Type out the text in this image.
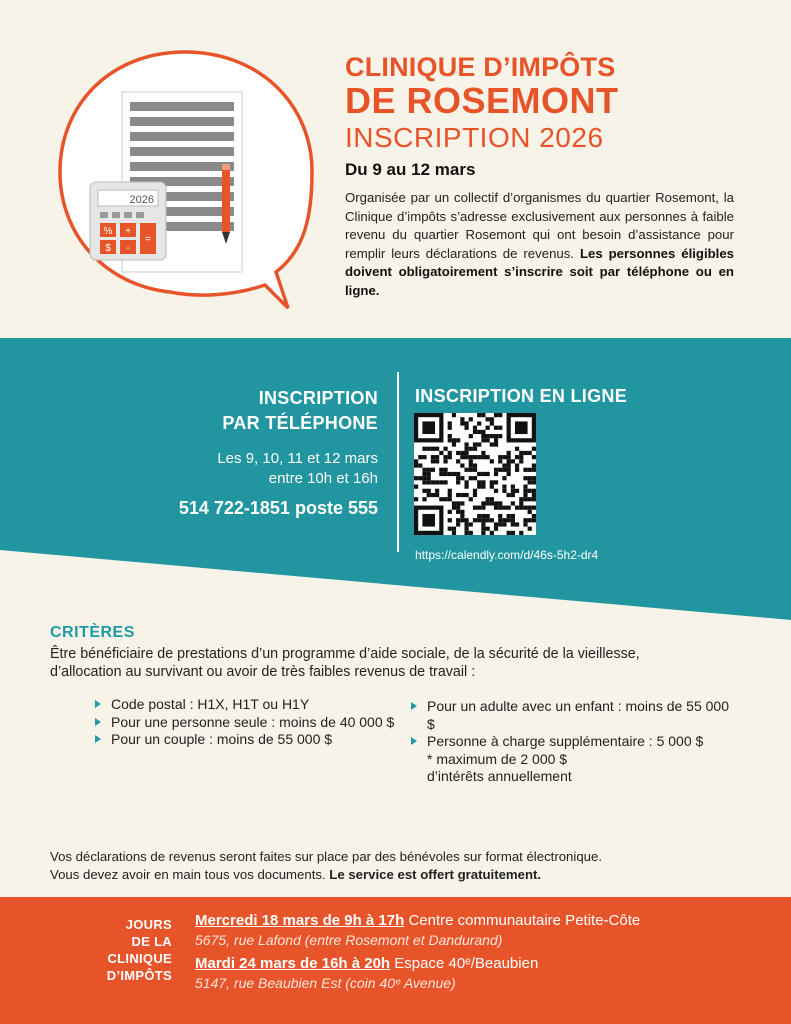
2026
% +
$ -
=
CLINIQUE D’IMPÔTS
DE ROSEMONT
INSCRIPTION 2026
Du 9 au 12 mars
Organisée par un collectif d’organismes du quartier Rosemont, la Clinique d’impôts s’adresse exclusivement aux personnes à faible revenu du quartier Rosemont qui ont besoin d’assistance pour remplir leurs déclarations de revenus. Les personnes éligibles doivent obligatoirement s’inscrire soit par téléphone ou en ligne.
INSCRIPTION
PAR TÉLÉPHONE
Les 9, 10, 11 et 12 mars
entre 10h et 16h
514 722-1851 poste 555
INSCRIPTION EN LIGNE
https://calendly.com/d/46s-5h2-dr4
CRITÈRES
Être bénéficiaire de prestations d’un programme d’aide sociale, de la sécurité de la vieillesse, d’allocation au survivant ou avoir de très faibles revenus de travail :
Code postal : H1X, H1T ou H1Y
Pour une personne seule : moins de 40 000 $
Pour un couple : moins de 55 000 $
Pour un adulte avec un enfant : moins de 55 000 $
Personne à charge supplémentaire : 5 000 $
* maximum de 2 000 $
d’intérêts annuellement
Vos déclarations de revenus seront faites sur place par des bénévoles sur format électronique.
Vous devez avoir en main tous vos documents. Le service est offert gratuitement.
JOURS
DE LA
CLINIQUE
D’IMPÔTS
Mercredi 18 mars de 9h à 17h Centre communautaire Petite-Côte
5675, rue Lafond (entre Rosemont et Dandurand)
Mardi 24 mars de 16h à 20h Espace 40ᵉ/Beaubien
5147, rue Beaubien Est (coin 40ᵉ Avenue)
